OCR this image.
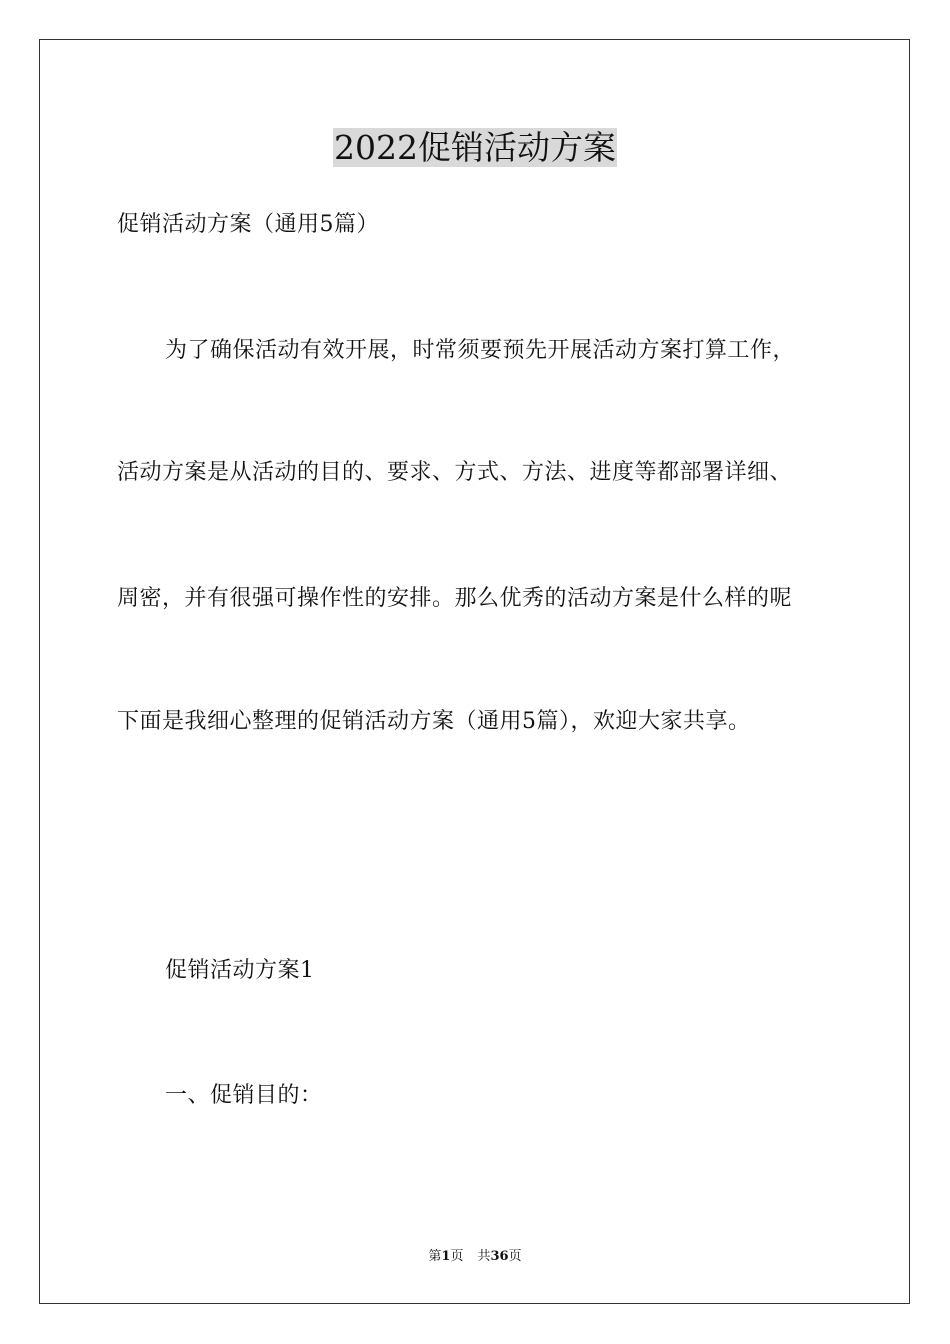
2022促销活动方案
促销活动方案（通用5篇）
为了确保活动有效开展，时常须要预先开展活动方案打算工作，
活动方案是从活动的目的、要求、方式、方法、进度等都部署详细、
周密，并有很强可操作性的安排。那么优秀的活动方案是什么样的呢
下面是我细心整理的促销活动方案（通用5篇），欢迎大家共享。
促销活动方案1
一、促销目的：
第1页 共36页
